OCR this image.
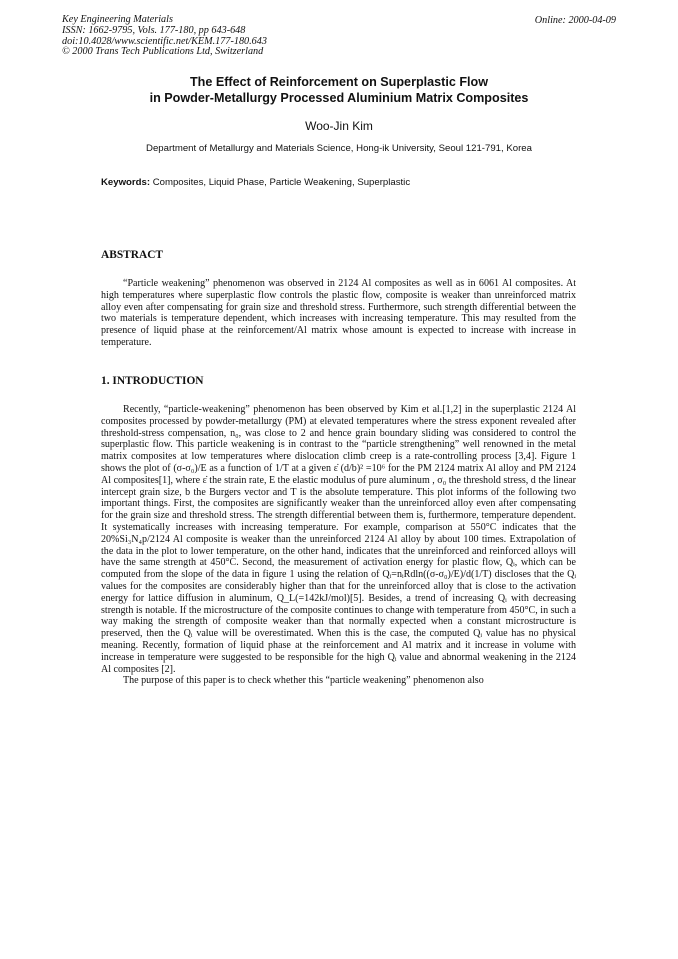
Key Engineering Materials
ISSN: 1662-9795, Vols. 177-180, pp 643-648
doi:10.4028/www.scientific.net/KEM.177-180.643
© 2000 Trans Tech Publications Ltd, Switzerland
Online: 2000-04-09
The Effect of Reinforcement on Superplastic Flow
in Powder-Metallurgy Processed Aluminium Matrix Composites
Woo-Jin Kim
Department of Metallurgy and Materials Science, Hong-ik University, Seoul 121-791, Korea
Keywords: Composites, Liquid Phase, Particle Weakening, Superplastic
ABSTRACT

“Particle weakening” phenomenon was observed in 2124 Al composites as well as in 6061 Al composites. At high temperatures where superplastic flow controls the plastic flow, composite is weaker than unreinforced matrix alloy even after compensating for grain size and threshold stress. Furthermore, such strength differential between the two materials is temperature dependent, which increases with increasing temperature. This may resulted from the presence of liquid phase at the reinforcement/Al matrix whose amount is expected to increase with increase in temperature.

1. INTRODUCTION

Recently, “particle-weakening” phenomenon has been observed by Kim et al.[1,2] in the superplastic 2124 Al composites processed by powder-metallurgy (PM) at elevated temperatures where the stress exponent revealed after threshold-stress compensation, n₀, was close to 2 and hence grain boundary sliding was considered to control the superplastic flow. This particle weakening is in contrast to the “particle strengthening” well renowned in the metal matrix composites at low temperatures where dislocation climb creep is a rate-controlling process [3,4]. Figure 1 shows the plot of (σ-σ₀)/E as a function of 1/T at a given ε̇ (d/b)² =10⁶ for the PM 2124 matrix Al alloy and PM 2124 Al composites[1], where ε̇ the strain rate, E the elastic modulus of pure aluminum , σ₀ the threshold stress, d the linear intercept grain size, b the Burgers vector and T is the absolute temperature. This plot informs of the following two important things. First, the composites are significantly weaker than the unreinforced alloy even after compensating for the grain size and threshold stress. The strength differential between them is, furthermore, temperature dependent. It systematically increases with increasing temperature. For example, comparison at 550°C indicates that the 20%Si₃N₄p/2124 Al composite is weaker than the unreinforced 2124 Al alloy by about 100 times. Extrapolation of the data in the plot to lower temperature, on the other hand, indicates that the unreinforced and reinforced alloys will have the same strength at 450°C. Second, the measurement of activation energy for plastic flow, Qᵢ, which can be computed from the slope of the data in figure 1 using the relation of Qᵢ=nᵢRdln((σ-σ₀)/E)/d(1/T) discloses that the Qᵢ values for the composites are considerably higher than that for the unreinforced alloy that is close to the activation energy for lattice diffusion in aluminum, Q_L(=142kJ/mol)[5]. Besides, a trend of increasing Qᵢ with decreasing strength is notable. If the microstructure of the composite continues to change with temperature from 450°C, in such a way making the strength of composite weaker than that normally expected when a constant microstructure is preserved, then the Qᵢ value will be overestimated. When this is the case, the computed Qᵢ value has no physical meaning. Recently, formation of liquid phase at the reinforcement and Al matrix and it increase in volume with increase in temperature were suggested to be responsible for the high Qᵢ value and abnormal weakening in the 2124 Al composites [2].

The purpose of this paper is to check whether this “particle weakening” phenomenon also
